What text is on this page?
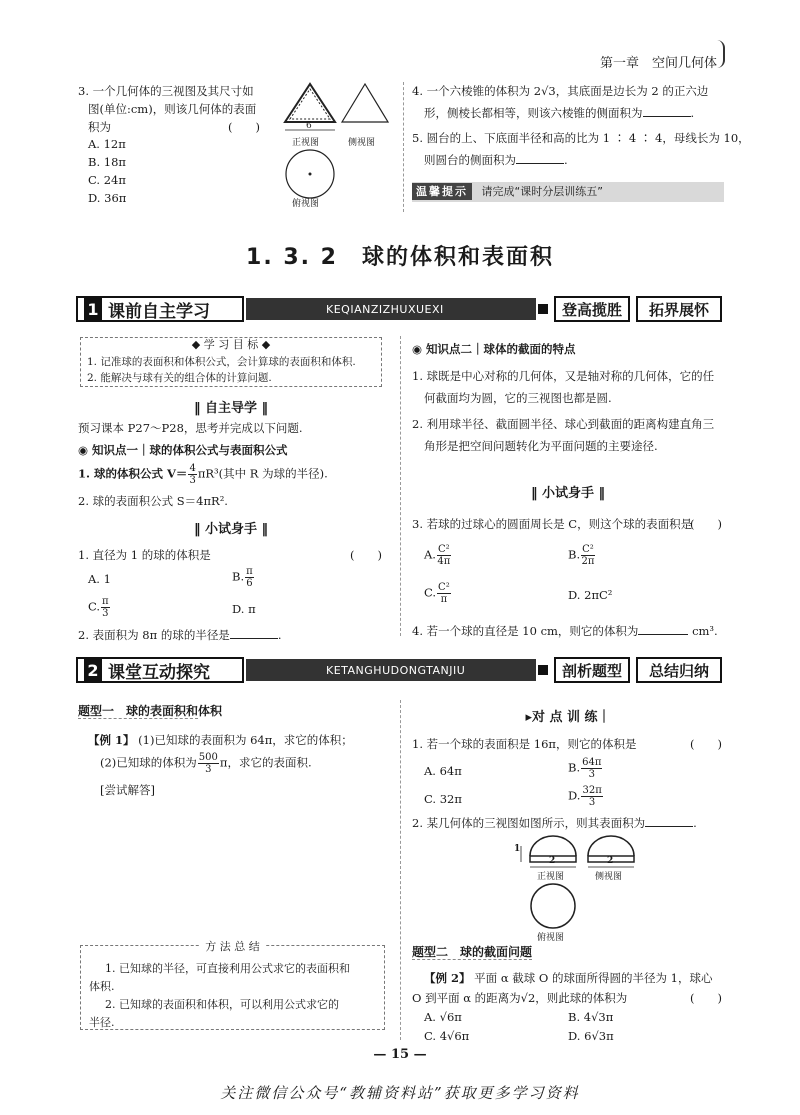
第一章　空间几何体
3. 一个几何体的三视图及其尺寸如
图(单位:cm)，则该几何体的表面
积为	(　　)
A. 12π
B. 18π
C. 24π
D. 36π
6
正视图	侧视图
俯视图
4. 一个六棱锥的体积为 2√3，其底面是边长为 2 的正六边
形，侧棱长都相等，则该六棱锥的侧面积为	.
5. 圆台的上、下底面半径和高的比为 1 ∶ 4 ∶ 4，母线长为 10，
则圆台的侧面积为	.
温馨提示 请完成“课时分层训练五”
1. 3. 2　球的体积和表面积
1 课前自主学习	KEQIANZIZHUXUEXI	登高揽胜	拓界展怀
◆ 学 习 目 标 ◆
1. 记准球的表面积和体积公式，会计算球的表面积和体积.
2. 能解决与球有关的组合体的计算问题.
‖ 自主导学 ‖
预习课本 P27～P28，思考并完成以下问题.
◉ 知识点一｜球的体积公式与表面积公式
1. 球的体积公式 $V= \frac{4}{3} \pi R^3$(其中 R 为球的半径).
2. 球的表面积公式 S＝4πR².
‖ 小试身手 ‖
1. 直径为 1 的球的体积是	(　　)
A. 1	B. $\frac{\pi}{6}$
C. $\frac{\pi}{3}$	D. π
2. 表面积为 8π 的球的半径是	.
◉ 知识点二｜球体的截面的特点
1. 球既是中心对称的几何体，又是轴对称的几何体，它的任
何截面均为圆，它的三视图也都是圆.
2. 利用球半径、截面圆半径、球心到截面的距离构建直角三
角形是把空间问题转化为平面问题的主要途径.
‖ 小试身手 ‖
3. 若球的过球心的圆面周长是 C，则这个球的表面积是
(　　)
A. $\frac{\text{C²}}{4\pi}$	B. $\frac{\text{C²}}{2\pi}$
C. $\frac{\text{C²}}{\pi}$	D. 2πC²
4. 若一个球的直径是 10 cm，则它的体积为	cm³.
2 课堂互动探究	KETANGHUDONGTANJIU	剖析题型	总结归纳
题型一　球的表面积和体积
【例 1】 (1)已知球的表面积为 64π，求它的体积；
(2)已知球的体积为 $\frac{500}{3}$ π，求它的表面积.
[尝试解答]
方 法 总 结
1. 已知球的半径，可直接利用公式求它的表面积和
体积.
2. 已知球的表面积和体积，可以利用公式求它的
半径.
▸对 点 训 练｜
1. 若一个球的表面积是 16π，则它的体积是	(　　)
A. 64π	B. $\frac{64\pi}{3}$
C. 32π	D. $\frac{32\pi}{3}$
2. 某几何体的三视图如图所示，则其表面积为	.
1
2	2
正视图	侧视图
俯视图
题型二　球的截面问题
【例 2】 平面 α 截球 O 的球面所得圆的半径为 1，球心
O 到平面 α 的距离为√2，则此球的体积为	(　　)
A. √6π	B. 4√3π
C. 4√6π	D. 6√3π
— 15 —
关注微信公众号“教辅资料站”获取更多学习资料
